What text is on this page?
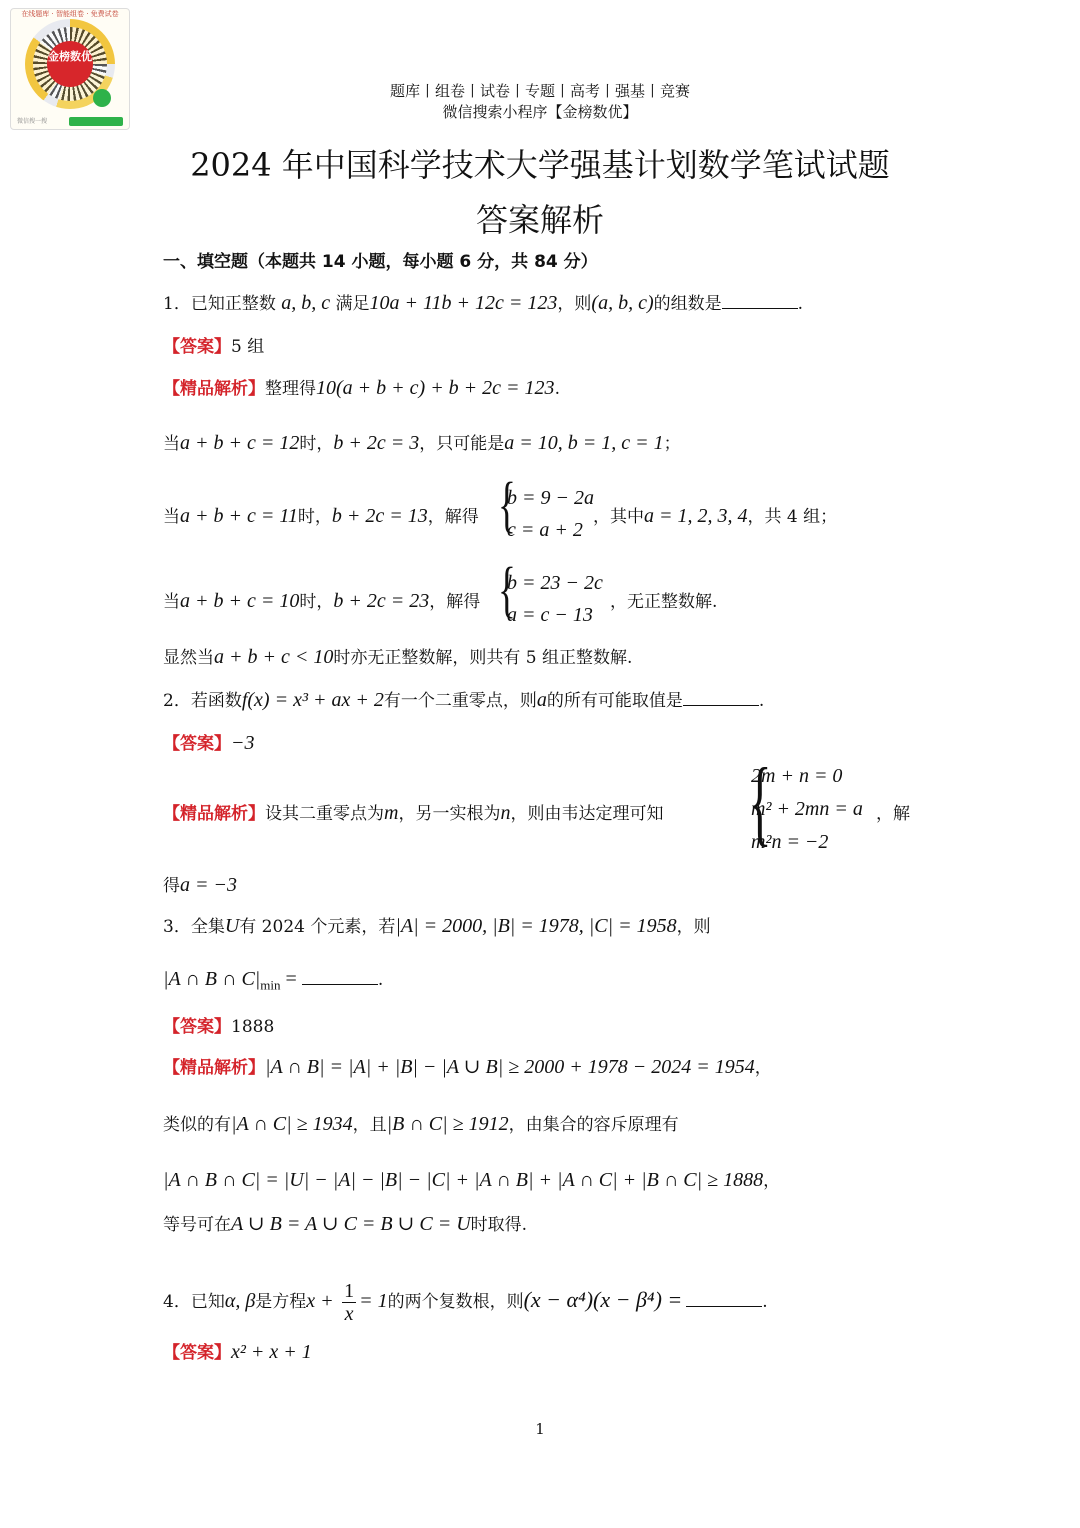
在线题库 · 智能组卷 · 免费试卷
金榜数优
微信搜一搜
题库丨组卷丨试卷丨专题丨高考丨强基丨竞赛
微信搜索小程序【金榜数优】
2024 年中国科学技术大学强基计划数学笔试试题
答案解析
一、填空题（本题共 14 小题，每小题 6 分，共 84 分）
1．已知正整数 a, b, c 满足10a + 11b + 12c = 123，则(a, b, c)的组数是	.
【答案】5 组
【精品解析】整理得10(a + b + c) + b + 2c = 123.
当a + b + c = 12时，b + 2c = 3，只可能是a = 10, b = 1, c = 1；
当a + b + c = 11时，b + 2c = 13，解得 {
b = 9 − 2a
c = a + 2
，其中a = 1, 2, 3, 4，共 4 组；
当a + b + c = 10时，b + 2c = 23，解得 {
b = 23 − 2c
a = c − 13
，无正整数解.
显然当a + b + c < 10时亦无正整数解，则共有 5 组正整数解.
2．若函数f(x) = x³ + ax + 2有一个二重零点，则a的所有可能取值是	.
【答案】−3
【精品解析】设其二重零点为m，另一实根为n，则由韦达定理可知 {
2m + n = 0
m² + 2mn = a
m²n = −2
，解
得a = −3
3．全集U有 2024 个元素，若|A| = 2000, |B| = 1978, |C| = 1958，则
|A ∩ B ∩ $C|_{min}$ =	.
【答案】1888
【精品解析】|A ∩ B| = |A| + |B| − |A ∪ B| ≥ 2000 + 1978 − 2024 = 1954，
类似的有|A ∩ C| ≥ 1934，且|B ∩ C| ≥ 1912，由集合的容斥原理有
|A ∩ B ∩ C| = |U| − |A| − |B| − |C| + |A ∩ B| + |A ∩ C| + |B ∩ C| ≥ 1888，
等号可在A ∪ B = A ∪ C = B ∪ C = U时取得.
4．已知α, β是方程$x + \frac{1}{x} = 1$的两个复数根，则(x − α⁴)(x − β⁴) =	.
【答案】x² + x + 1
1
